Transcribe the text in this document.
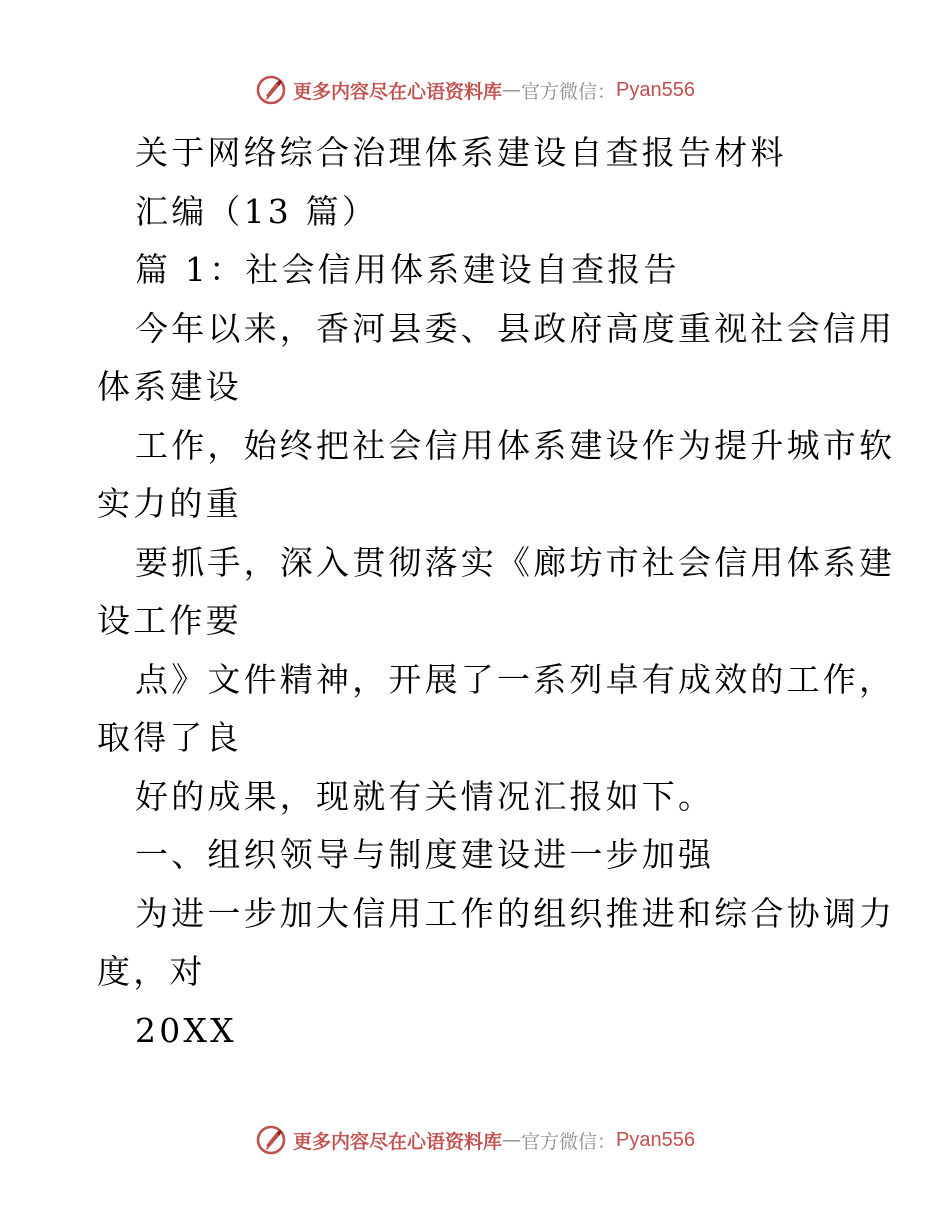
更多内容尽在心语资料库 — 官方微信： Pyan556
关于网络综合治理体系建设自查报告材料
汇编（13 篇）
篇 1：社会信用体系建设自查报告
今年以来，香河县委、县政府高度重视社会信用
体系建设
工作，始终把社会信用体系建设作为提升城市软
实力的重
要抓手，深入贯彻落实《廊坊市社会信用体系建
设工作要
点》文件精神，开展了一系列卓有成效的工作，
取得了良
好的成果，现就有关情况汇报如下。
一、组织领导与制度建设进一步加强
为进一步加大信用工作的组织推进和综合协调力
度，对
20XX
更多内容尽在心语资料库 — 官方微信： Pyan556
